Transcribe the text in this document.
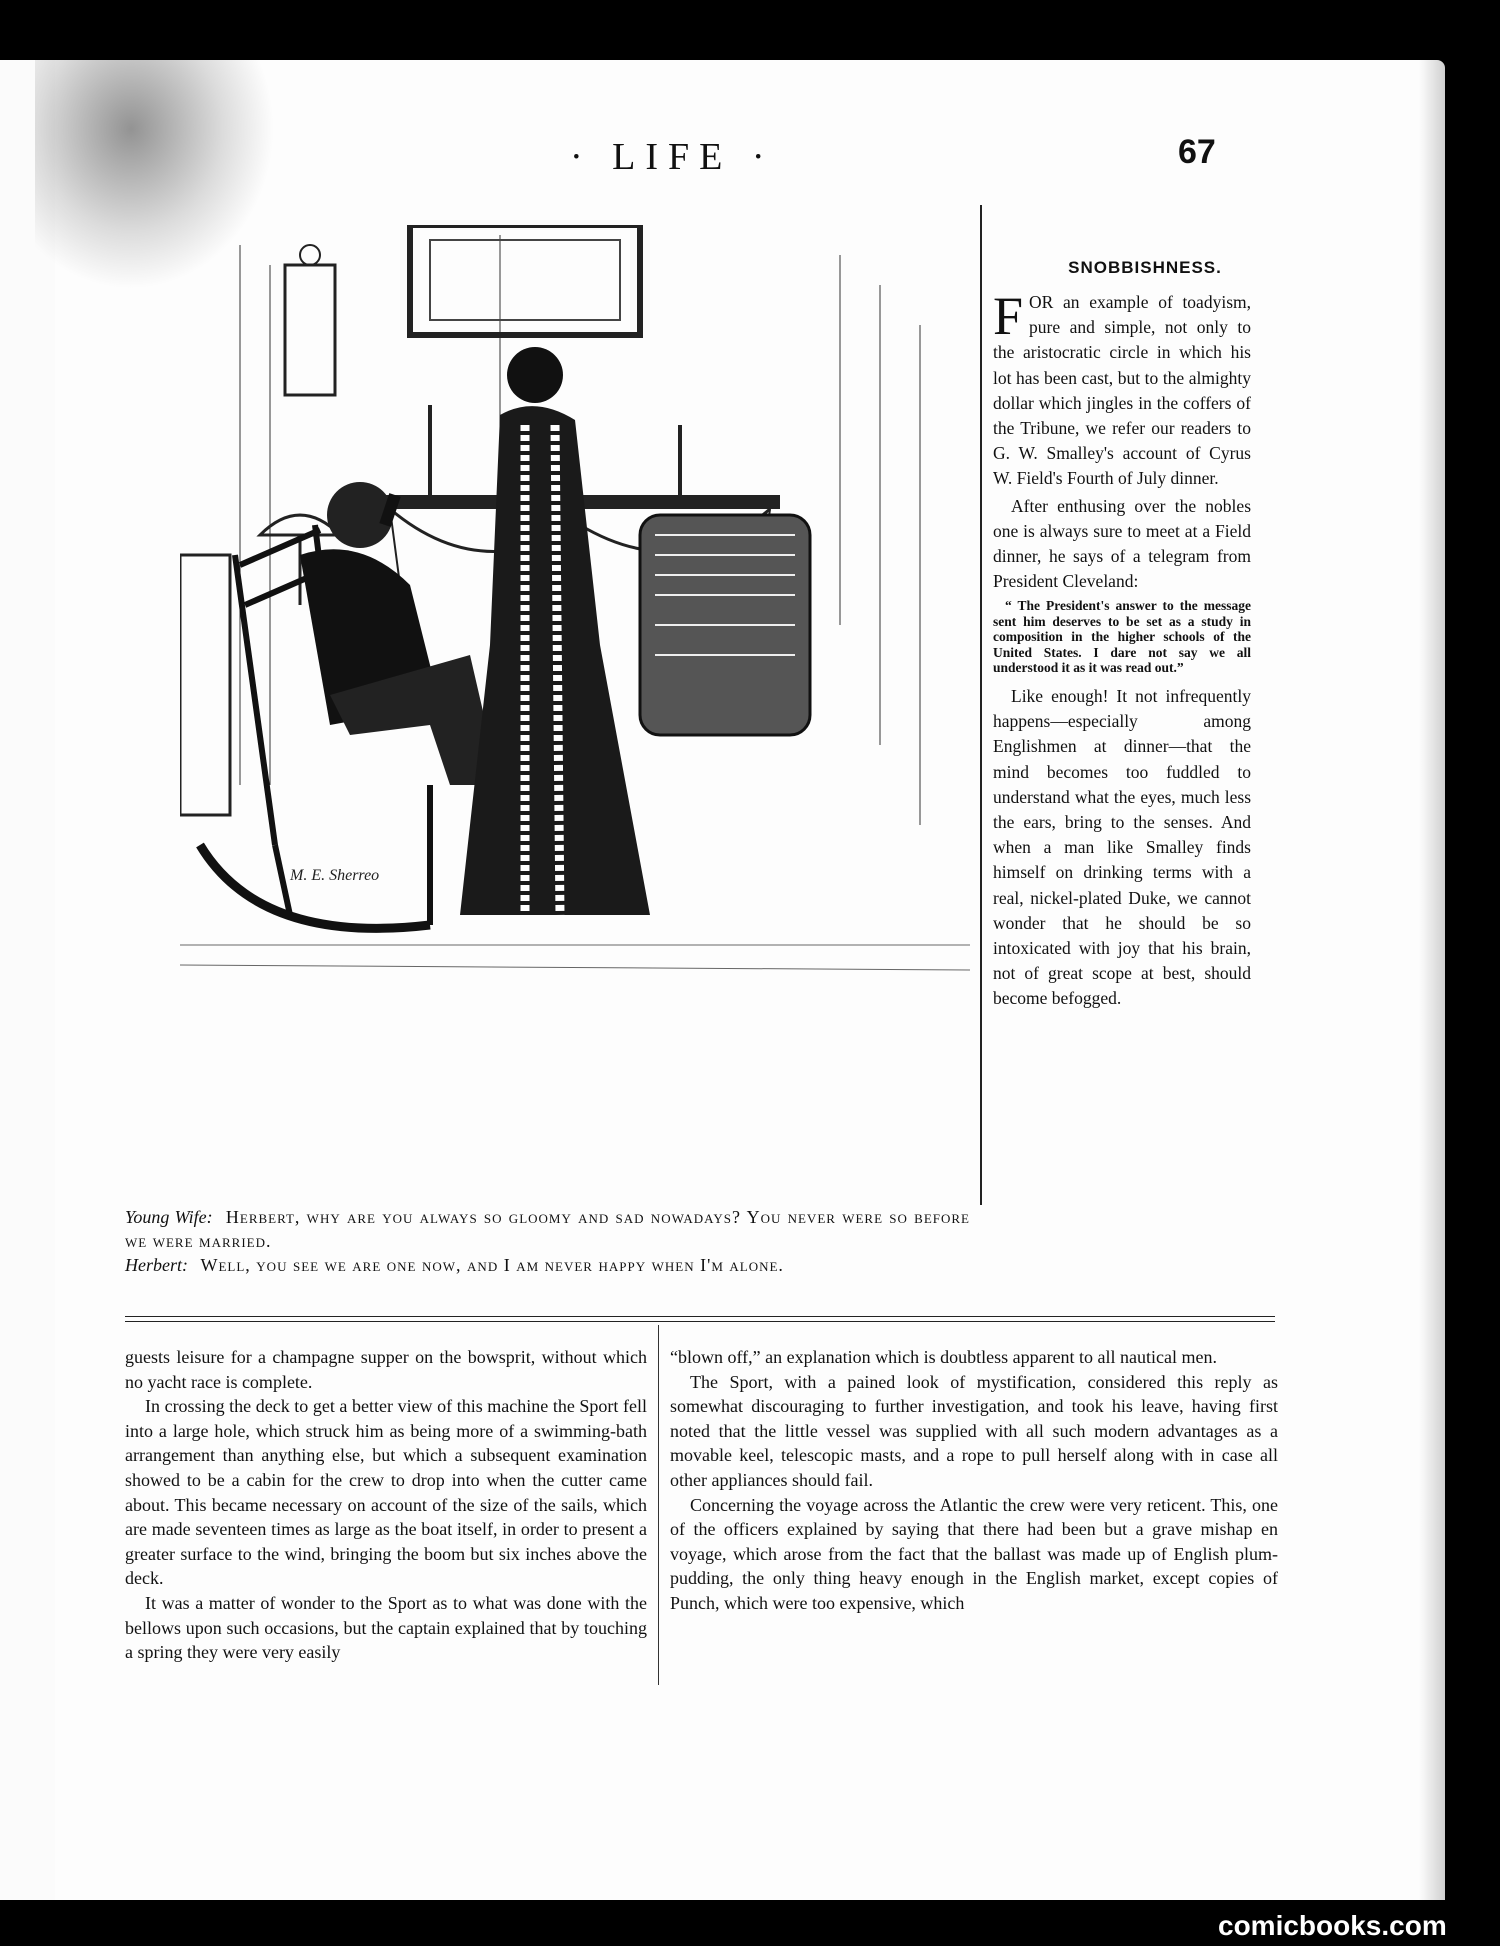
· LIFE ·	67
M. E. Sherreo

Young Wife: Herbert, why are you always so gloomy and sad nowadays? You never were so before we were married.

Herbert: Well, you see we are one now, and I am never happy when I'm alone.

SNOBBISHNESS.

FOR an example of toadyism, pure and simple, not only to the aristocratic circle in which his lot has been cast, but to the almighty dollar which jingles in the coffers of the Tribune, we refer our readers to G. W. Smalley's account of Cyrus W. Field's Fourth of July dinner.

After enthusing over the nobles one is always sure to meet at a Field dinner, he says of a telegram from President Cleveland:

“ The President's answer to the message sent him deserves to be set as a study in composition in the higher schools of the United States. I dare not say we all understood it as it was read out.”

Like enough! It not infrequently happens—especially among Englishmen at dinner—that the mind becomes too fuddled to understand what the eyes, much less the ears, bring to the senses. And when a man like Smalley finds himself on drinking terms with a real, nickel-plated Duke, we cannot wonder that he should be so intoxicated with joy that his brain, not of great scope at best, should become befogged.

guests leisure for a champagne supper on the bowsprit, without which no yacht race is complete.

In crossing the deck to get a better view of this machine the Sport fell into a large hole, which struck him as being more of a swimming-bath arrangement than anything else, but which a subsequent examination showed to be a cabin for the crew to drop into when the cutter came about. This became necessary on account of the size of the sails, which are made seventeen times as large as the boat itself, in order to present a greater surface to the wind, bringing the boom but six inches above the deck.

It was a matter of wonder to the Sport as to what was done with the bellows upon such occasions, but the captain explained that by touching a spring they were very easily

“blown off,” an explanation which is doubtless apparent to all nautical men.

The Sport, with a pained look of mystification, considered this reply as somewhat discouraging to further investigation, and took his leave, having first noted that the little vessel was supplied with all such modern advantages as a movable keel, telescopic masts, and a rope to pull herself along with in case all other appliances should fail.

Concerning the voyage across the Atlantic the crew were very reticent. This, one of the officers explained by saying that there had been but a grave mishap en voyage, which arose from the fact that the ballast was made up of English plum-pudding, the only thing heavy enough in the English market, except copies of Punch, which were too expensive, which

comicbooks.com
